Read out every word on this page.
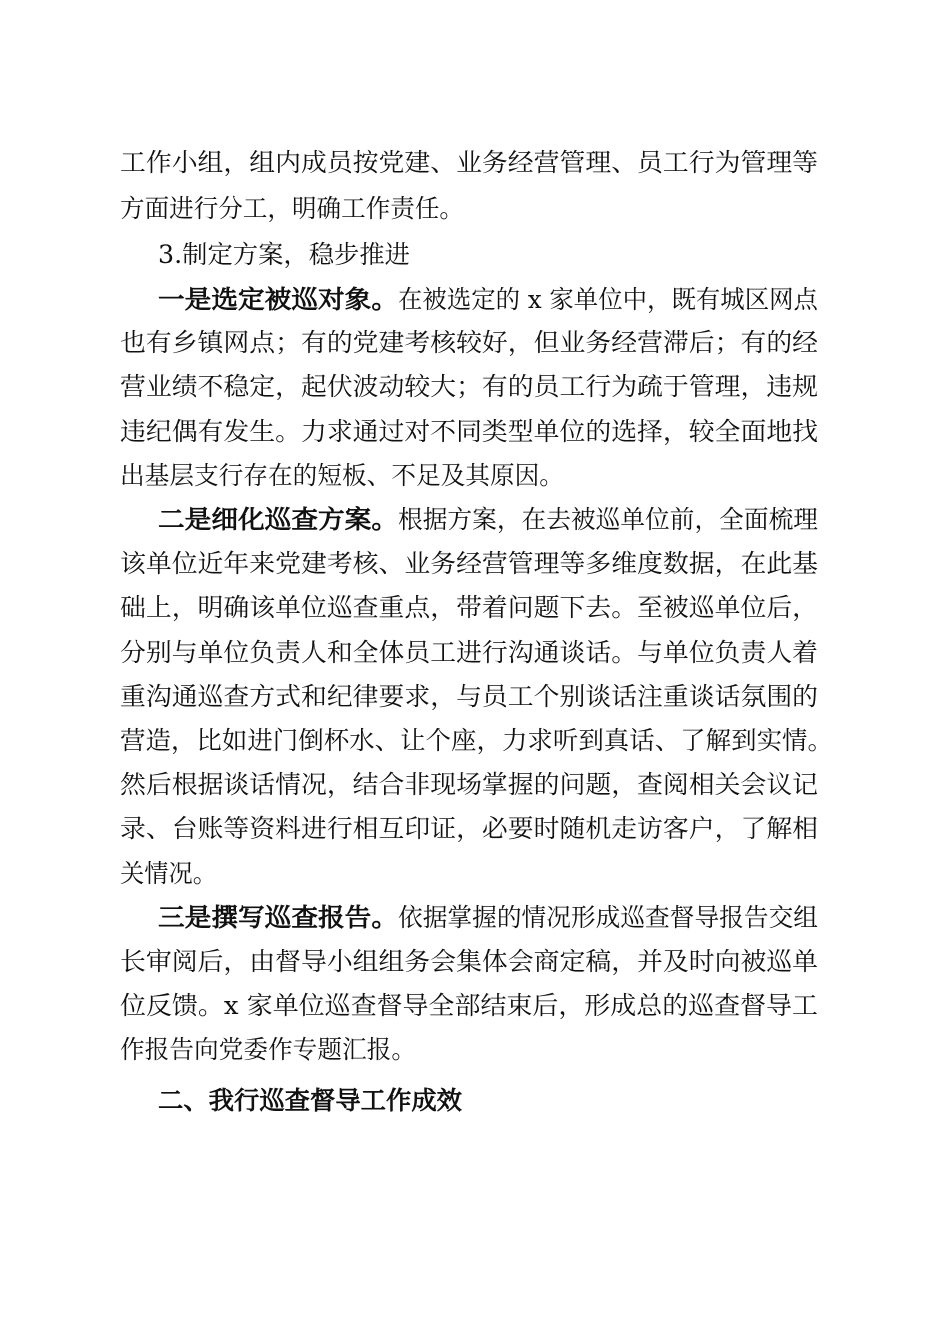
工作小组，组内成员按党建、业务经营管理、员工行为管理等
方面进行分工，明确工作责任。
3.制定方案，稳步推进
一是选定被巡对象。 在被选定的 x 家单位中，既有城区网点
也有乡镇网点；有的党建考核较好，但业务经营滞后；有的经
营业绩不稳定，起伏波动较大；有的员工行为疏于管理，违规
违纪偶有发生。力求通过对不同类型单位的选择，较全面地找
出基层支行存在的短板、不足及其原因。
二是细化巡查方案。 根据方案，在去被巡单位前，全面梳理
该单位近年来党建考核、业务经营管理等多维度数据，在此基
础上，明确该单位巡查重点，带着问题下去。至被巡单位后，
分别与单位负责人和全体员工进行沟通谈话。与单位负责人着
重沟通巡查方式和纪律要求，与员工个别谈话注重谈话氛围的
营造，比如进门倒杯水、让个座，力求听到真话、了解到实情。
然后根据谈话情况，结合非现场掌握的问题，查阅相关会议记
录、台账等资料进行相互印证，必要时随机走访客户，了解相
关情况。
三是撰写巡查报告。 依据掌握的情况形成巡查督导报告交组
长审阅后，由督导小组组务会集体会商定稿，并及时向被巡单
位反馈。x 家单位巡查督导全部结束后，形成总的巡查督导工
作报告向党委作专题汇报。
二、我行巡查督导工作成效
